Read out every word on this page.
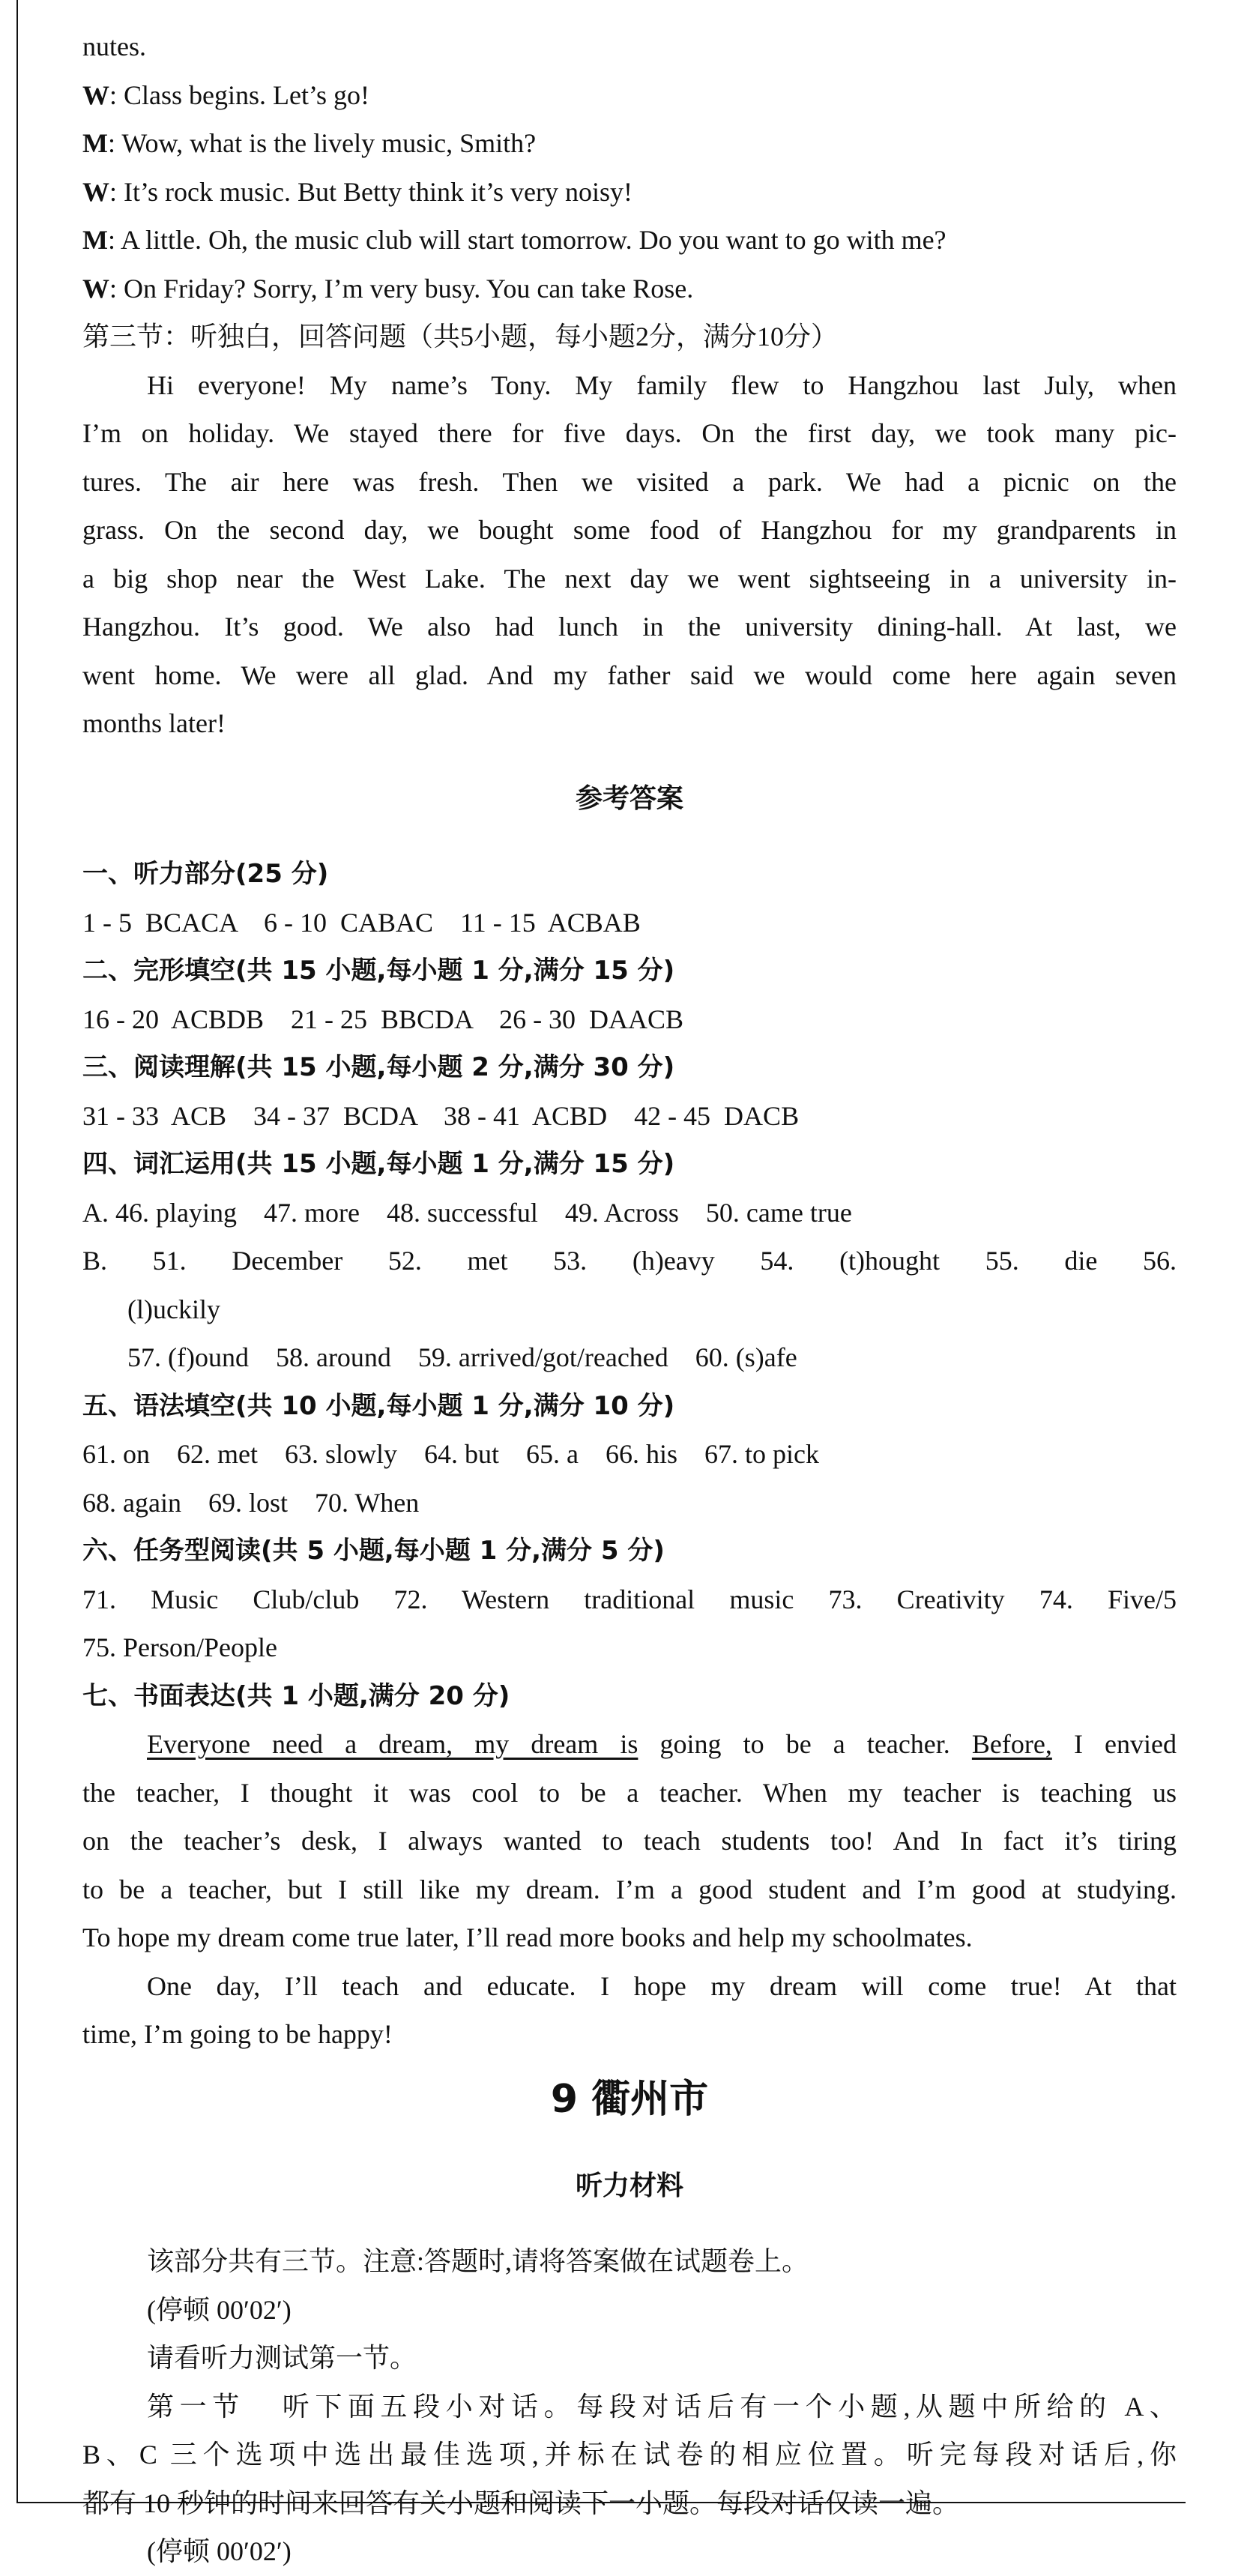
nutes.

W: Class begins. Let’s go!

M: Wow, what is the lively music, Smith?

W: It’s rock music. But Betty think it’s very noisy!

M: A little. Oh, the music club will start tomorrow. Do you want to go with me?

W: On Friday? Sorry, I’m very busy. You can take Rose.

第三节：听独白，回答问题（共5小题，每小题2分，满分10分）

Hi everyone! My name’s Tony. My family flew to Hangzhou last July, when

I’m on holiday. We stayed there for five days. On the first day, we took many pic-

tures. The air here was fresh. Then we visited a park. We had a picnic on the

grass. On the second day, we bought some food of Hangzhou for my grandparents in

a big shop near the West Lake. The next day we went sightseeing in a university in-

Hangzhou. It’s good. We also had lunch in the university dining-hall. At last, we

went home. We were all glad. And my father said we would come here again seven

months later!

参考答案

一、听力部分(25 分)

1 - 5  BCACA    6 - 10  CABAC    11 - 15  ACBAB

二、完形填空(共 15 小题,每小题 1 分,满分 15 分)

16 - 20  ACBDB    21 - 25  BBCDA    26 - 30  DAACB

三、阅读理解(共 15 小题,每小题 2 分,满分 30 分)

31 - 33  ACB    34 - 37  BCDA    38 - 41  ACBD    42 - 45  DACB

四、词汇运用(共 15 小题,每小题 1 分,满分 15 分)

A. 46. playing    47. more    48. successful    49. Across    50. came true

B. 51. December 52. met 53. (h)eavy 54. (t)hought 55. die 56.

(l)uckily

57. (f)ound    58. around    59. arrived/got/reached    60. (s)afe

五、语法填空(共 10 小题,每小题 1 分,满分 10 分)

61. on    62. met    63. slowly    64. but    65. a    66. his    67. to pick

68. again    69. lost    70. When

六、任务型阅读(共 5 小题,每小题 1 分,满分 5 分)

71. Music Club/club 72. Western traditional music 73. Creativity 74. Five/5

75. Person/People

七、书面表达(共 1 小题,满分 20 分)

Everyone need a dream, my dream is going to be a teacher. Before, I envied

the teacher, I thought it was cool to be a teacher. When my teacher is teaching us

on the teacher’s desk, I always wanted to teach students too! And In fact it’s tiring

to be a teacher, but I still like my dream. I’m a good student and I’m good at studying.

To hope my dream come true later, I’ll read more books and help my schoolmates.

One day, I’ll teach and educate. I hope my dream will come true! At that

time, I’m going to be happy!

9 衢州市

听力材料

该部分共有三节。注意:答题时,请将答案做在试题卷上。

(停顿 00′02′)

请看听力测试第一节。

第一节   听下面五段小对话。每段对话后有一个小题,从题中所给的 A、

B、C 三个选项中选出最佳选项,并标在试卷的相应位置。听完每段对话后,你

都有 10 秒钟的时间来回答有关小题和阅读下一小题。每段对话仅读一遍。

(停顿 00′02′)
